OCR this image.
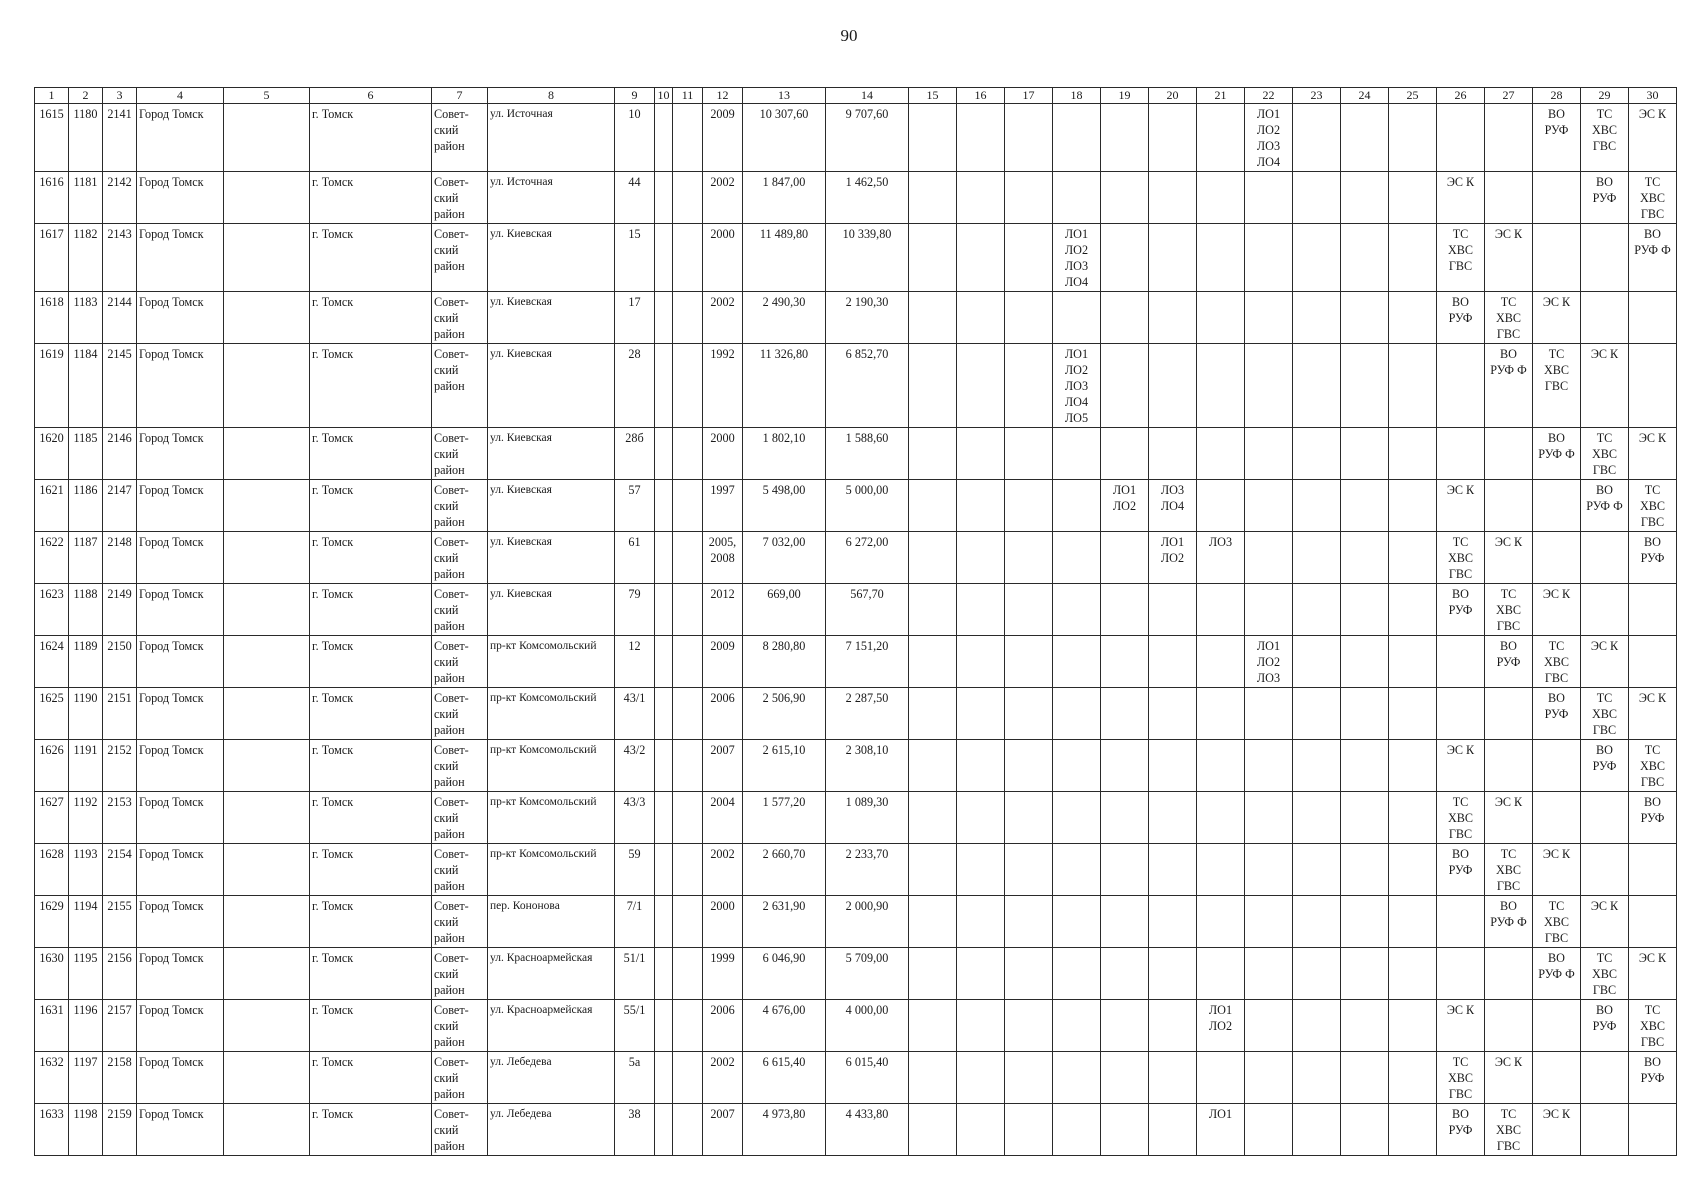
90
1	2	3	4	5	6	7	8	9	10	11	12	13	14	15	16	17	18	19	20	21	22	23	24	25	26	27	28	29	30
1615	1180	2141	Город Томск		г. Томск	Совет-
ский
район	ул. Источная	10			2009	10 307,60	9 707,60								ЛО1
ЛО2
ЛО3
ЛО4						ВО
РУФ	ТС
ХВС
ГВС	ЭС К
1616	1181	2142	Город Томск		г. Томск	Совет-
ский
район	ул. Источная	44			2002	1 847,00	1 462,50												ЭС К			ВО
РУФ	ТС
ХВС
ГВС
1617	1182	2143	Город Томск		г. Томск	Совет-
ский
район	ул. Киевская	15			2000	11 489,80	10 339,80				ЛО1
ЛО2
ЛО3
ЛО4								ТС
ХВС
ГВС	ЭС К			ВО
РУФ Ф
1618	1183	2144	Город Томск		г. Томск	Совет-
ский
район	ул. Киевская	17			2002	2 490,30	2 190,30												ВО
РУФ	ТС
ХВС
ГВС	ЭС К		
1619	1184	2145	Город Томск		г. Томск	Совет-
ский
район	ул. Киевская	28			1992	11 326,80	6 852,70				ЛО1
ЛО2
ЛО3
ЛО4
ЛО5									ВО
РУФ Ф	ТС
ХВС
ГВС	ЭС К	
1620	1185	2146	Город Томск		г. Томск	Совет-
ский
район	ул. Киевская	28б			2000	1 802,10	1 588,60														ВО
РУФ Ф	ТС
ХВС
ГВС	ЭС К
1621	1186	2147	Город Томск		г. Томск	Совет-
ский
район	ул. Киевская	57			1997	5 498,00	5 000,00					ЛО1
ЛО2	ЛО3
ЛО4						ЭС К			ВО
РУФ Ф	ТС
ХВС
ГВС
1622	1187	2148	Город Томск		г. Томск	Совет-
ский
район	ул. Киевская	61			2005,
2008	7 032,00	6 272,00						ЛО1
ЛО2	ЛО3					ТС
ХВС
ГВС	ЭС К			ВО
РУФ
1623	1188	2149	Город Томск		г. Томск	Совет-
ский
район	ул. Киевская	79			2012	669,00	567,70												ВО
РУФ	ТС
ХВС
ГВС	ЭС К		
1624	1189	2150	Город Томск		г. Томск	Совет-
ский
район	пр-кт Комсомольский	12			2009	8 280,80	7 151,20								ЛО1
ЛО2
ЛО3					ВО
РУФ	ТС
ХВС
ГВС	ЭС К	
1625	1190	2151	Город Томск		г. Томск	Совет-
ский
район	пр-кт Комсомольский	43/1			2006	2 506,90	2 287,50														ВО
РУФ	ТС
ХВС
ГВС	ЭС К
1626	1191	2152	Город Томск		г. Томск	Совет-
ский
район	пр-кт Комсомольский	43/2			2007	2 615,10	2 308,10												ЭС К			ВО
РУФ	ТС
ХВС
ГВС
1627	1192	2153	Город Томск		г. Томск	Совет-
ский
район	пр-кт Комсомольский	43/3			2004	1 577,20	1 089,30												ТС
ХВС
ГВС	ЭС К			ВО
РУФ
1628	1193	2154	Город Томск		г. Томск	Совет-
ский
район	пр-кт Комсомольский	59			2002	2 660,70	2 233,70												ВО
РУФ	ТС
ХВС
ГВС	ЭС К		
1629	1194	2155	Город Томск		г. Томск	Совет-
ский
район	пер. Кононова	7/1			2000	2 631,90	2 000,90													ВО
РУФ Ф	ТС
ХВС
ГВС	ЭС К	
1630	1195	2156	Город Томск		г. Томск	Совет-
ский
район	ул. Красноармейская	51/1			1999	6 046,90	5 709,00														ВО
РУФ Ф	ТС
ХВС
ГВС	ЭС К
1631	1196	2157	Город Томск		г. Томск	Совет-
ский
район	ул. Красноармейская	55/1			2006	4 676,00	4 000,00							ЛО1
ЛО2					ЭС К			ВО
РУФ	ТС
ХВС
ГВС
1632	1197	2158	Город Томск		г. Томск	Совет-
ский
район	ул. Лебедева	5а			2002	6 615,40	6 015,40												ТС
ХВС
ГВС	ЭС К			ВО
РУФ
1633	1198	2159	Город Томск		г. Томск	Совет-
ский
район	ул. Лебедева	38			2007	4 973,80	4 433,80							ЛО1					ВО
РУФ	ТС
ХВС
ГВС	ЭС К		
